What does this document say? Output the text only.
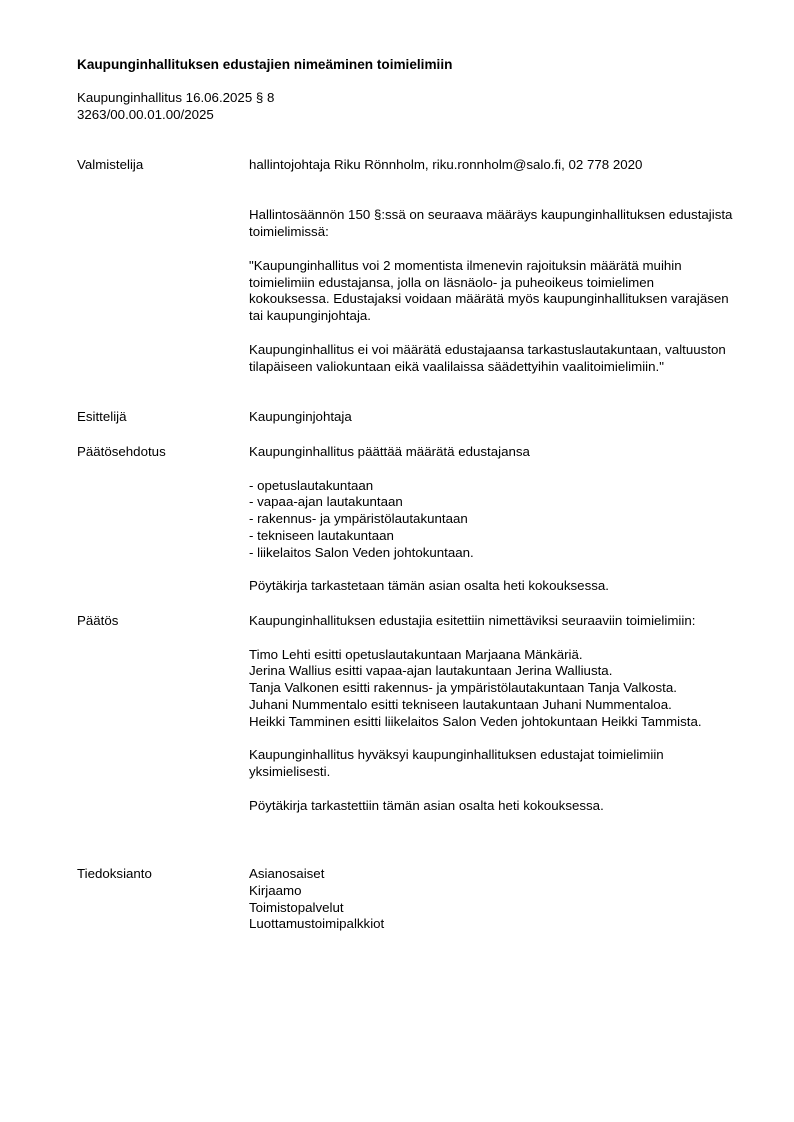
Kaupunginhallituksen edustajien nimeäminen toimielimiin
Kaupunginhallitus 16.06.2025 § 8
3263/00.00.01.00/2025
Valmistelija	hallintojohtaja Riku Rönnholm, riku.ronnholm@salo.fi, 02 778 2020

Hallintosäännön 150 §:ssä on seuraava määräys kaupunginhallituksen edustajista toimielimissä:

"Kaupunginhallitus voi 2 momentista ilmenevin rajoituksin määrätä muihin toimielimiin edustajansa, jolla on läsnäolo- ja puheoikeus toimielimen kokouksessa. Edustajaksi voidaan määrätä myös kaupunginhallituksen varajäsen tai kaupunginjohtaja.

Kaupunginhallitus ei voi määrätä edustajaansa tarkastuslautakuntaan, valtuuston tilapäiseen valiokuntaan eikä vaalilaissa säädettyihin vaalitoimielimiin."

Esittelijä	Kaupunginjohtaja
Päätösehdotus	Kaupunginhallitus päättää määrätä edustajansa

- opetuslautakuntaan
- vapaa-ajan lautakuntaan
- rakennus- ja ympäristölautakuntaan
- tekniseen lautakuntaan
- liikelaitos Salon Veden johtokuntaan.

Pöytäkirja tarkastetaan tämän asian osalta heti kokouksessa.

Päätös	Kaupunginhallituksen edustajia esitettiin nimettäviksi seuraaviin toimielimiin:

Timo Lehti esitti opetuslautakuntaan Marjaana Mänkäriä.
Jerina Wallius esitti vapaa-ajan lautakuntaan Jerina Walliusta.
Tanja Valkonen esitti rakennus- ja ympäristölautakuntaan Tanja Valkosta.
Juhani Nummentalo esitti tekniseen lautakuntaan Juhani Nummentaloa.
Heikki Tamminen esitti liikelaitos Salon Veden johtokuntaan Heikki Tammista.

Kaupunginhallitus hyväksyi kaupunginhallituksen edustajat toimielimiin yksimielisesti.

Pöytäkirja tarkastettiin tämän asian osalta heti kokouksessa.

Tiedoksianto	Asianosaiset
Kirjaamo
Toimistopalvelut
Luottamustoimipalkkiot
